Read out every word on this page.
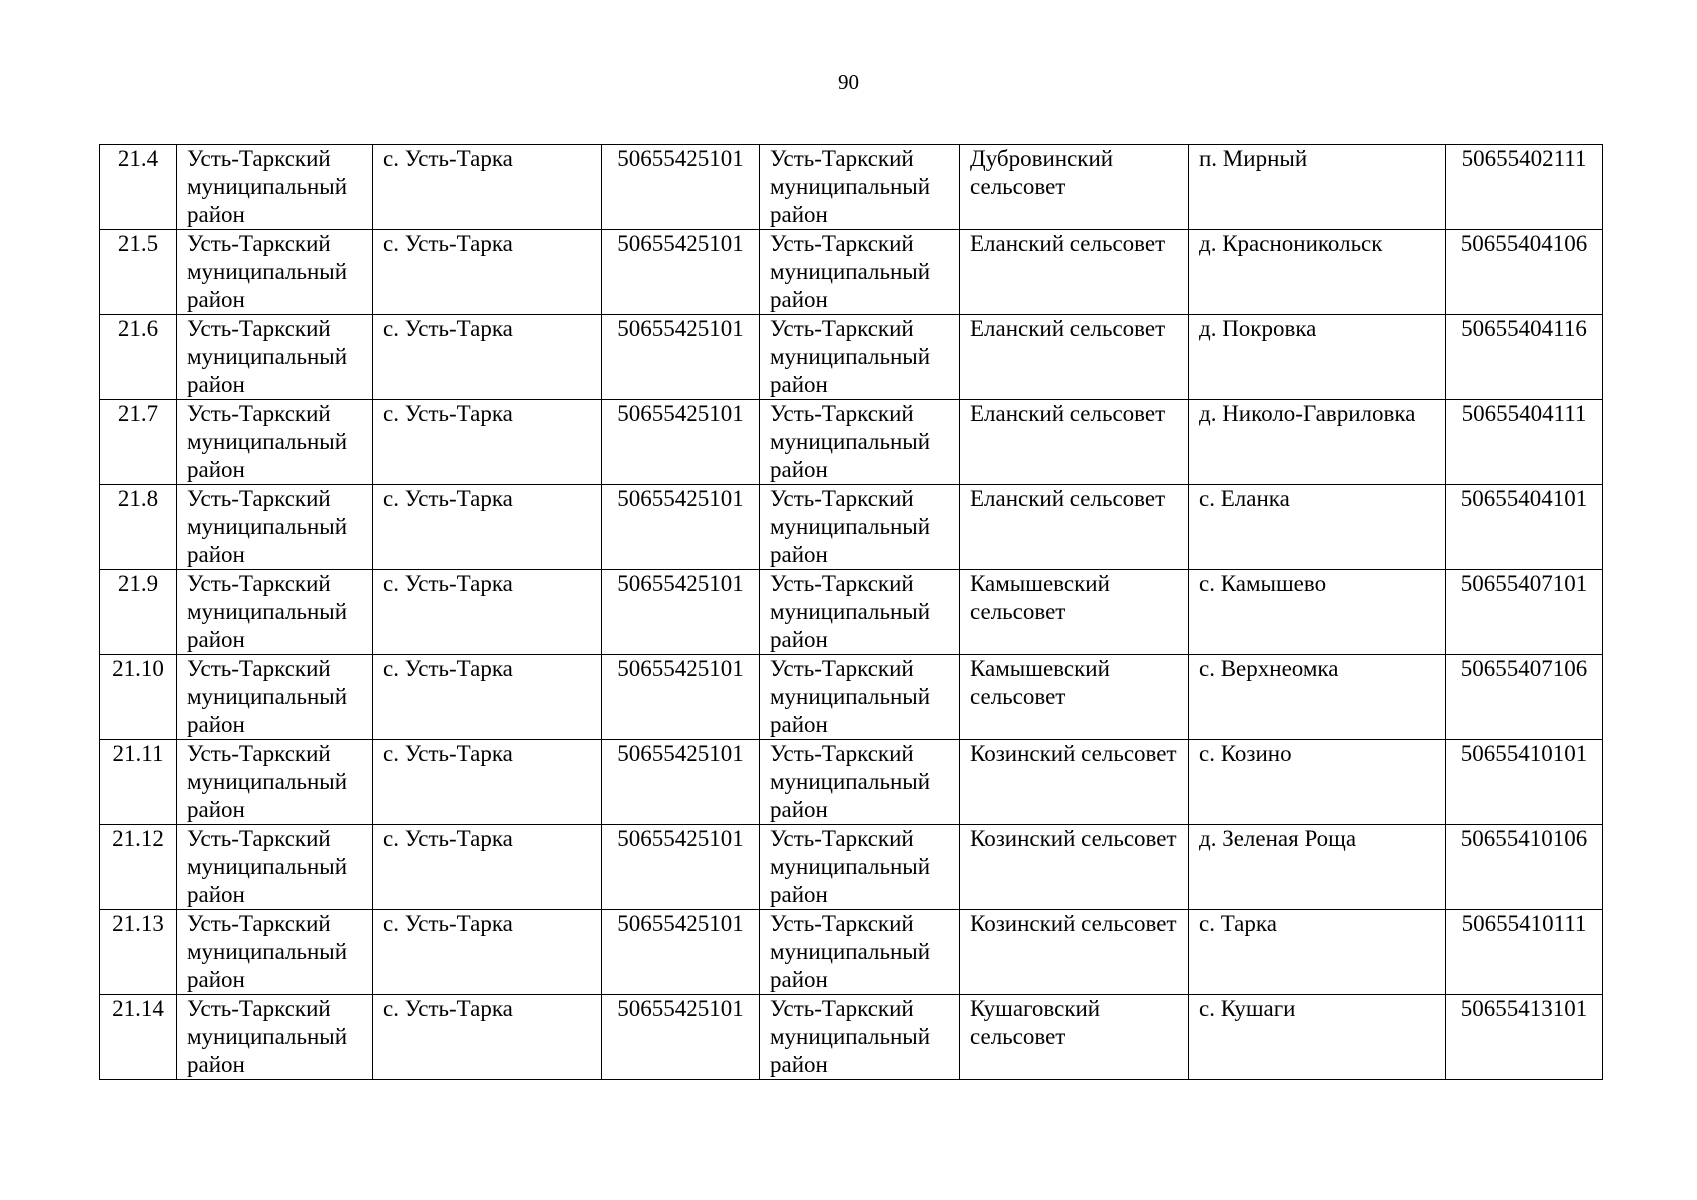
90
21.4	Усть-Таркский муниципальный район	с. Усть-Тарка	50655425101	Усть-Таркский муниципальный район	Дубровинский сельсовет	п. Мирный	50655402111

21.5	Усть-Таркский муниципальный район	с. Усть-Тарка	50655425101	Усть-Таркский муниципальный район	Еланский сельсовет	д. Красноникольск	50655404106

21.6	Усть-Таркский муниципальный район	с. Усть-Тарка	50655425101	Усть-Таркский муниципальный район	Еланский сельсовет	д. Покровка	50655404116

21.7	Усть-Таркский муниципальный район	с. Усть-Тарка	50655425101	Усть-Таркский муниципальный район	Еланский сельсовет	д. Николо-Гавриловка	50655404111

21.8	Усть-Таркский муниципальный район	с. Усть-Тарка	50655425101	Усть-Таркский муниципальный район	Еланский сельсовет	с. Еланка	50655404101

21.9	Усть-Таркский муниципальный район	с. Усть-Тарка	50655425101	Усть-Таркский муниципальный район	Камышевский сельсовет	с. Камышево	50655407101

21.10	Усть-Таркский муниципальный район	с. Усть-Тарка	50655425101	Усть-Таркский муниципальный район	Камышевский сельсовет	с. Верхнеомка	50655407106

21.11	Усть-Таркский муниципальный район	с. Усть-Тарка	50655425101	Усть-Таркский муниципальный район	Козинский сельсовет	с. Козино	50655410101

21.12	Усть-Таркский муниципальный район	с. Усть-Тарка	50655425101	Усть-Таркский муниципальный район	Козинский сельсовет	д. Зеленая Роща	50655410106

21.13	Усть-Таркский муниципальный район	с. Усть-Тарка	50655425101	Усть-Таркский муниципальный район	Козинский сельсовет	с. Тарка	50655410111

21.14	Усть-Таркский муниципальный район	с. Усть-Тарка	50655425101	Усть-Таркский муниципальный район	Кушаговский сельсовет	с. Кушаги	50655413101
